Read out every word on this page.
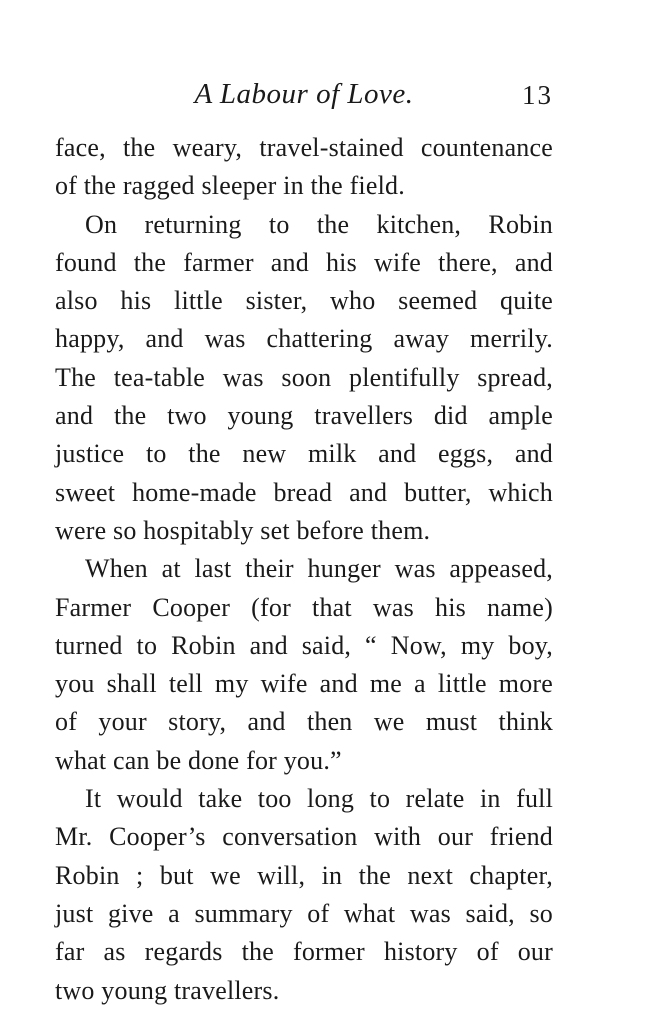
A Labour of Love.	13
face, the weary, travel-stained countenance
of the ragged sleeper in the field.
On returning to the kitchen, Robin
found the farmer and his wife there, and
also his little sister, who seemed quite
happy, and was chattering away merrily.
The tea-table was soon plentifully spread,
and the two young travellers did ample
justice to the new milk and eggs, and
sweet home-made bread and butter, which
were so hospitably set before them.
When at last their hunger was appeased,
Farmer Cooper (for that was his name)
turned to Robin and said, “ Now, my boy,
you shall tell my wife and me a little more
of your story, and then we must think
what can be done for you.”
It would take too long to relate in full
Mr. Cooper’s conversation with our friend
Robin ; but we will, in the next chapter,
just give a summary of what was said, so
far as regards the former history of our
two young travellers.
